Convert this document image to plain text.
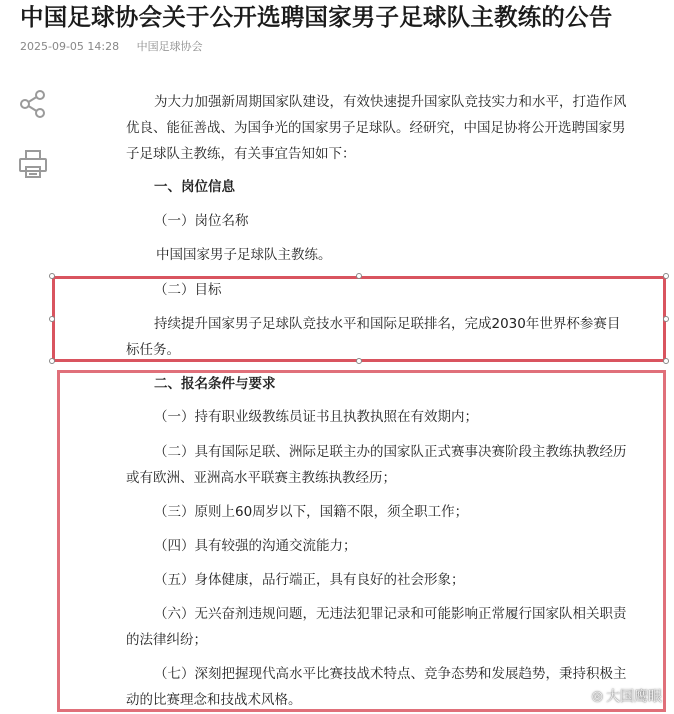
中国足球协会关于公开选聘国家男子足球队主教练的公告
2025-09-05 14:28 中国足球协会

为大力加强新周期国家队建设，有效快速提升国家队竞技实力和水平，打造作风

优良、能征善战、为国争光的国家男子足球队。经研究，中国足协将公开选聘国家男

子足球队主教练，有关事宜告知如下：

一、岗位信息

（一）岗位名称

中国国家男子足球队主教练。

（二）目标

持续提升国家男子足球队竞技水平和国际足联排名，完成2030年世界杯参赛目

标任务。

二、报名条件与要求

（一）持有职业级教练员证书且执教执照在有效期内；

（二）具有国际足联、洲际足联主办的国家队正式赛事决赛阶段主教练执教经历

或有欧洲、亚洲高水平联赛主教练执教经历；

（三）原则上60周岁以下，国籍不限，须全职工作；

（四）具有较强的沟通交流能力；

（五）身体健康，品行端正，具有良好的社会形象；

（六）无兴奋剂违规问题，无违法犯罪记录和可能影响正常履行国家队相关职责

的法律纠纷；

（七）深刻把握现代高水平比赛技战术特点、竞争态势和发展趋势，秉持积极主

动的比赛理念和技战术风格。	◎ 大国鹰眼
